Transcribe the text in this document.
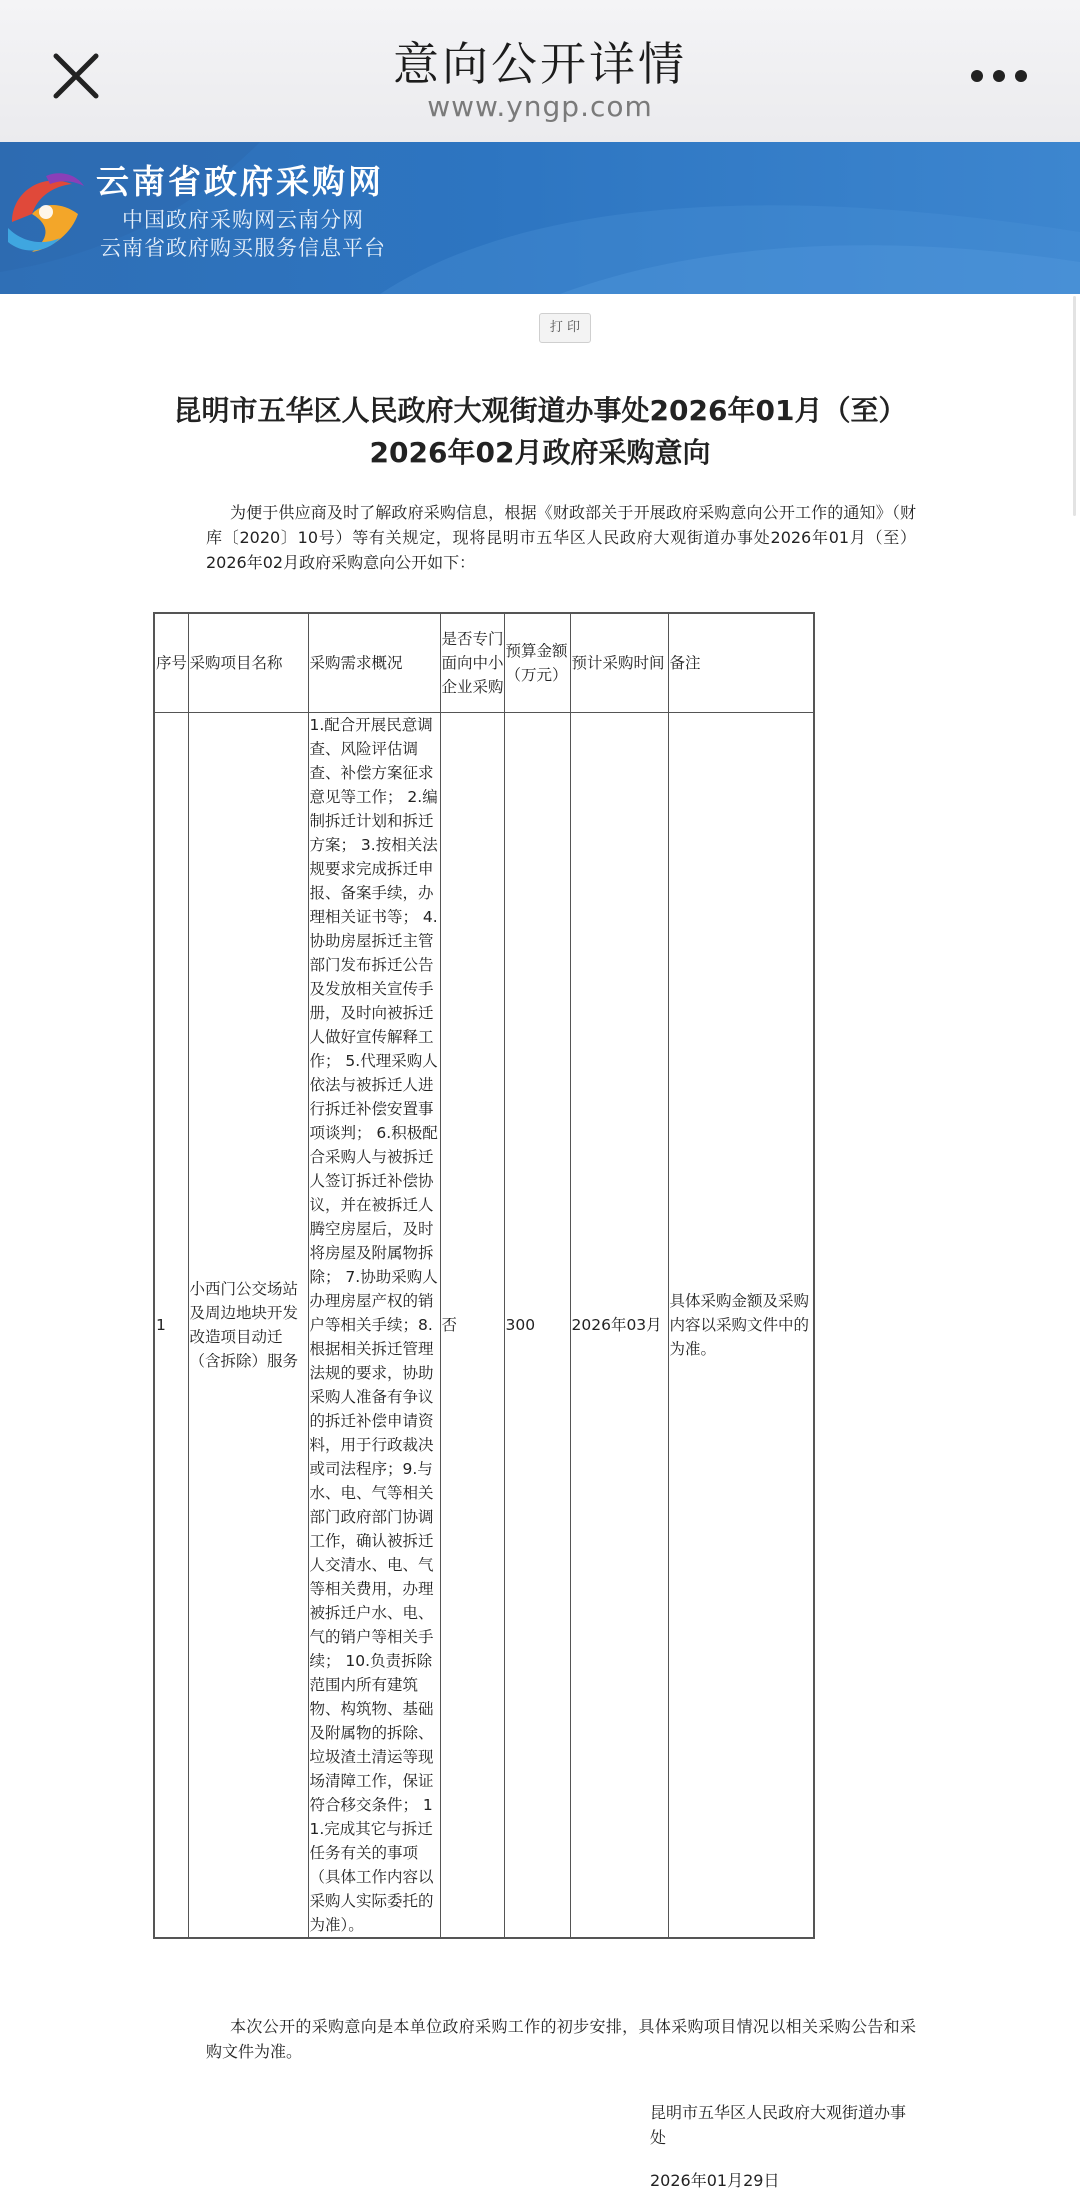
意向公开详情
www.yngp.com
云南省政府采购网
中国政府采购网云南分网
云南省政府购买服务信息平台
打 印
昆明市五华区人民政府大观街道办事处2026年01月（至）2026年02月政府采购意向
为便于供应商及时了解政府采购信息，根据《财政部关于开展政府采购意向公开工作的通知》（财库〔2020〕10号）等有关规定，现将昆明市五华区人民政府大观街道办事处2026年01月（至）2026年02月政府采购意向公开如下：
序号	采购项目名称	采购需求概况	是否专门面向中小企业采购	预算金额（万元）	预计采购时间	备注
1	小西门公交场站及周边地块开发改造项目动迁（含拆除）服务	1.配合开展民意调查、风险评估调查、补偿方案征求意见等工作； 2.编制拆迁计划和拆迁方案； 3.按相关法规要求完成拆迁申报、备案手续，办理相关证书等； 4.协助房屋拆迁主管部门发布拆迁公告及发放相关宣传手册，及时向被拆迁人做好宣传解释工作； 5.代理采购人依法与被拆迁人进行拆迁补偿安置事项谈判； 6.积极配合采购人与被拆迁人签订拆迁补偿协议，并在被拆迁人腾空房屋后，及时将房屋及附属物拆除； 7.协助采购人办理房屋产权的销户等相关手续；8.根据相关拆迁管理法规的要求，协助采购人准备有争议的拆迁补偿申请资料，用于行政裁决或司法程序；9.与水、电、气等相关部门政府部门协调工作，确认被拆迁人交清水、电、气等相关费用，办理被拆迁户水、电、气的销户等相关手续； 10.负责拆除范围内所有建筑物、构筑物、基础及附属物的拆除、垃圾渣土清运等现场清障工作，保证符合移交条件； 11.完成其它与拆迁任务有关的事项（具体工作内容以采购人实际委托的为准）。	否	300	2026年03月	具体采购金额及采购内容以采购文件中的为准。
本次公开的采购意向是本单位政府采购工作的初步安排，具体采购项目情况以相关采购公告和采购文件为准。
昆明市五华区人民政府大观街道办事处
2026年01月29日
